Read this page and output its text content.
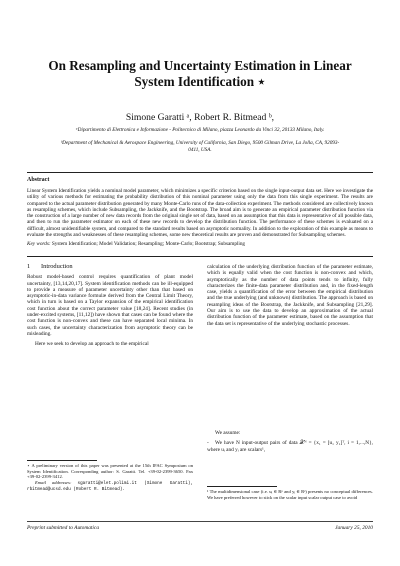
On Resampling and Uncertainty Estimation in Linear System Identification ⋆
Simone Garatti ᵃ, Robert R. Bitmead ᵇ,
ᵃDipartimento di Elettronica e Informazione - Politecnico di Milano, piazza Leonardo da Vinci 32, 20133 Milano, Italy.
ᵇDepartment of Mechanical & Aerospace Engineering, University of California, San Diego, 9500 Gilman Drive, La Jolla, CA, 92093-0411, USA.
Abstract
Linear System Identification yields a nominal model parameter, which minimizes a specific criterion based on the single input-output data set. Here we investigate the utility of various methods for estimating the probability distribution of this nominal parameter using only the data from this single experiment. The results are compared to the actual parameter distribution generated by many Monte-Carlo runs of the data-collection experiment. The methods considered are collectively known as resampling schemes, which include Subsampling, the Jackknife, and the Bootstrap. The broad aim is to generate an empirical parameter distribution function via the construction of a large number of new data records from the original single set of data, based on an assumption that this data is representative of all possible data, and then to run the parameter estimator on each of these new records to develop the distribution function. The performance of these schemes is evaluated on a difficult, almost unidentifiable system, and compared to the standard results based on asymptotic normality. In addition to the exploration of this example as means to evaluate the strengths and weaknesses of these resampling schemes, some new theoretical results are proven and demonstrated for Subsampling schemes.
Key words: System Identification; Model Validation; Resampling; Monte-Carlo; Bootstrap; Subsampling
1 Introduction
Robust model-based control requires quantification of plant model uncertainty, [13,14,20,17]. System identification methods can be ill-equipped to provide a measure of parameter uncertainty other than that based on asymptotic-in-data variance formulæ derived from the Central Limit Theory, which in turn is based on a Taylor expansion of the empirical identification cost function about the correct parameter value [18,24]. Recent studies (in under-excited systems, [11,12]) have shown that cases can be found where the cost function is non-convex and these can have separated local minima. In such cases, the uncertainty characterization from asymptotic theory can be misleading.
Here we seek to develop an approach to the empirical
⋆ A preliminary version of this paper was presented at the 15th IFAC Symposium on System Identification. Corresponding author: S. Garatti. Tel. +39-02-2399-3650. Fax +39-02-2399-3412.
Email addresses: sgaratti@elet.polimi.it (Simone Garatti), rbitmead@ucsd.edu (Robert R. Bitmead).
calculation of the underlying distribution function of the parameter estimate, which is equally valid when the cost function is non-convex and which, asymptotically as the number of data points tends to infinity, fully characterizes the finite-data parameter distribution and, in the fixed-length case, yields a quantification of the error between the empirical distribution and the true underlying (and unknown) distribution. The approach is based on resampling ideas of the Bootstrap, the Jackknife, and Subsampling [21,29]. Our aim is to use the data to develop an approximation of the actual distribution function of the parameter estimate, based on the assumption that the data set is representative of the underlying stochastic processes.
We assume:
- We have N input-output pairs of data 𝒳ᴺ = {x₁ = [u₁ y₁]ᵀ, i = 1,...,N}, where uᵢ and yᵢ are scalars¹,
¹ The multidimensional case (i.e. uᵢ ∈ Rᵖ and yᵢ ∈ Rˢ) presents no conceptual differences. We have preferred however to stick on the scalar input scalar output case to avoid
Preprint submitted to Automatica	January 25, 2010
